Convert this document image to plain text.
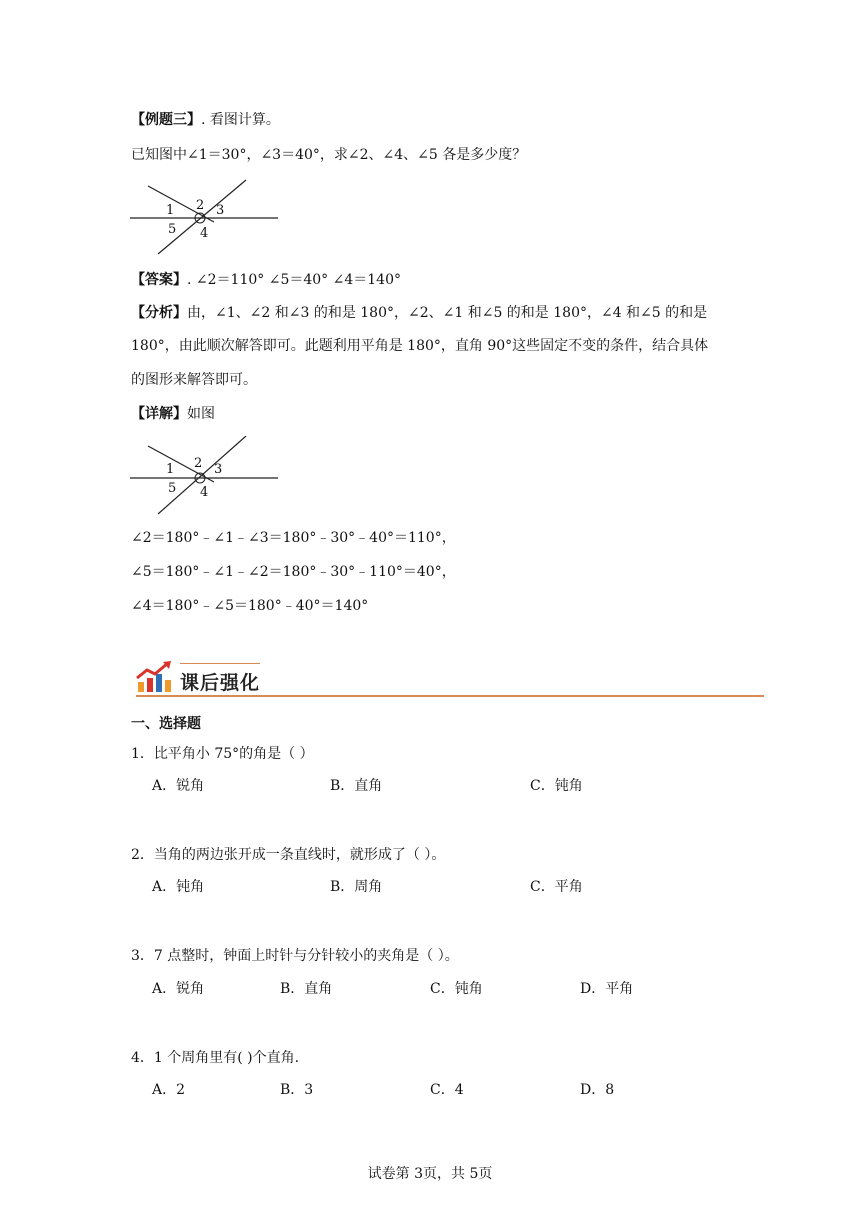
【例题三】. 看图计算。
已知图中∠1＝30°，∠3＝40°，求∠2、∠4、∠5 各是多少度？
1 2 3
4
5
【答案】. ∠2＝110° ∠5＝40° ∠4＝140°
【分析】由，∠1、∠2 和∠3 的和是 180°，∠2、∠1 和∠5 的和是 180°，∠4 和∠5 的和是
180°，由此顺次解答即可。此题利用平角是 180°，直角 90°这些固定不变的条件，结合具体
的图形来解答即可。
【详解】如图
1 2 3
4
5
∠2＝180°﹣∠1﹣∠3＝180°﹣30°﹣40°＝110°，
∠5＝180°﹣∠1﹣∠2＝180°﹣30°﹣110°＝40°，
∠4＝180°﹣∠5＝180°﹣40°＝140°
课后强化
一、选择题
1．比平角小 75°的角是（ ）
A．锐角	B．直角	C．钝角
2．当角的两边张开成一条直线时，就形成了（ ）。
A．钝角	B．周角	C．平角
3．7 点整时，钟面上时针与分针较小的夹角是（ ）。
A．锐角	B．直角	C．钝角	D．平角
4．1 个周角里有( )个直角.
A．2	B．3	C．4	D．8
试卷第 3页，共 5页
